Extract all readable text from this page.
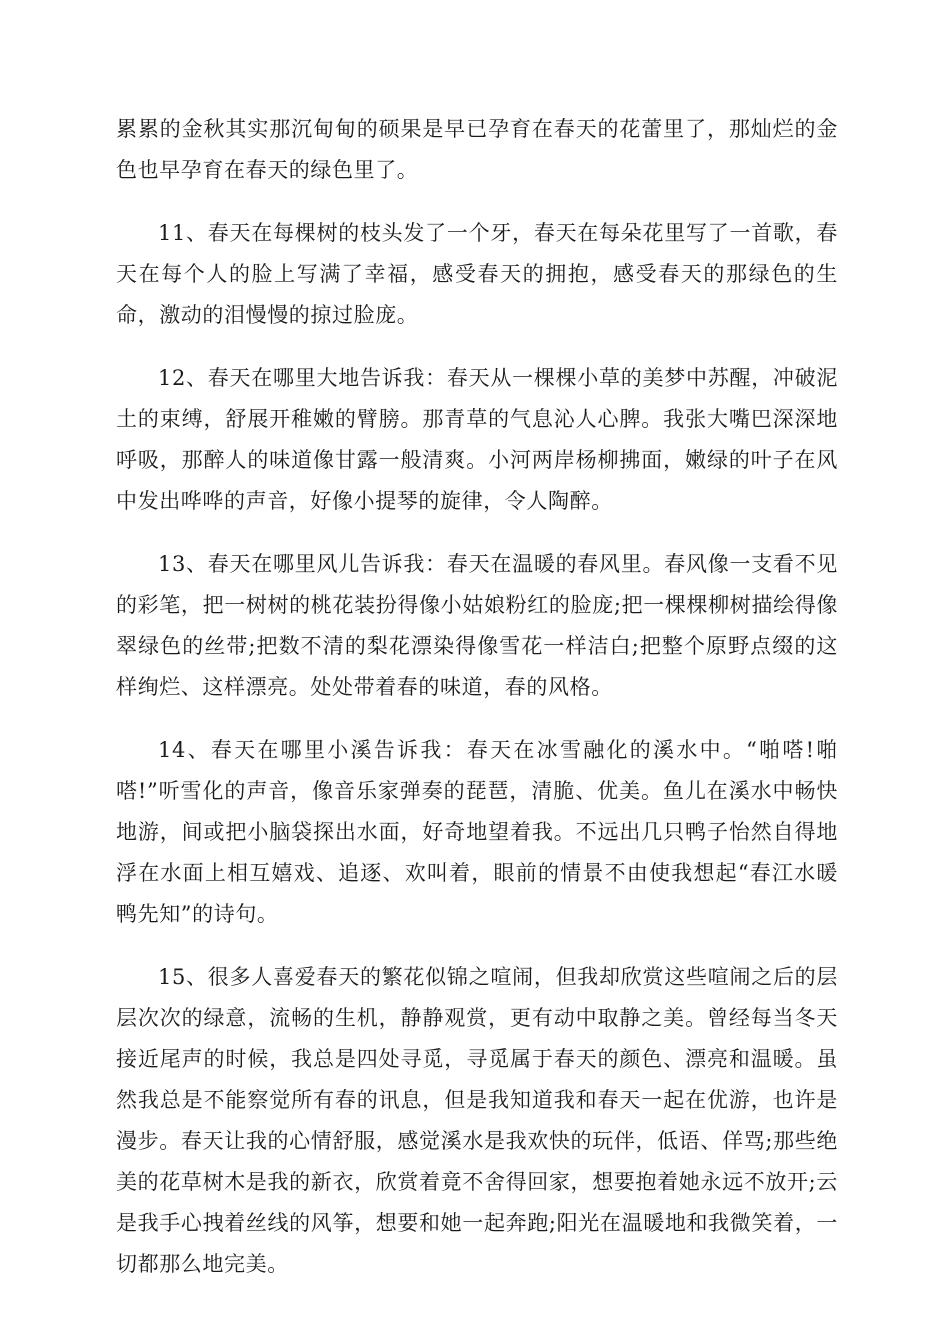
累累的金秋其实那沉甸甸的硕果是早已孕育在春天的花蕾里了，那灿烂的金色也早孕育在春天的绿色里了。

11、春天在每棵树的枝头发了一个牙，春天在每朵花里写了一首歌，春天在每个人的脸上写满了幸福，感受春天的拥抱，感受春天的那绿色的生命，激动的泪慢慢的掠过脸庞。

12、春天在哪里大地告诉我：春天从一棵棵小草的美梦中苏醒，冲破泥土的束缚，舒展开稚嫩的臂膀。那青草的气息沁人心脾。我张大嘴巴深深地呼吸，那醉人的味道像甘露一般清爽。小河两岸杨柳拂面，嫩绿的叶子在风中发出哗哗的声音，好像小提琴的旋律，令人陶醉。

13、春天在哪里风儿告诉我：春天在温暖的春风里。春风像一支看不见的彩笔，把一树树的桃花装扮得像小姑娘粉红的脸庞;把一棵棵柳树描绘得像翠绿色的丝带;把数不清的梨花漂染得像雪花一样洁白;把整个原野点缀的这样绚烂、这样漂亮。处处带着春的味道，春的风格。

14、春天在哪里小溪告诉我：春天在冰雪融化的溪水中。“啪嗒!啪嗒!”听雪化的声音，像音乐家弹奏的琵琶，清脆、优美。鱼儿在溪水中畅快地游，间或把小脑袋探出水面，好奇地望着我。不远出几只鸭子怡然自得地浮在水面上相互嬉戏、追逐、欢叫着，眼前的情景不由使我想起“春江水暖鸭先知”的诗句。

15、很多人喜爱春天的繁花似锦之喧闹，但我却欣赏这些喧闹之后的层层次次的绿意，流畅的生机，静静观赏，更有动中取静之美。曾经每当冬天接近尾声的时候，我总是四处寻觅，寻觅属于春天的颜色、漂亮和温暖。虽然我总是不能察觉所有春的讯息，但是我知道我和春天一起在优游，也许是漫步。春天让我的心情舒服，感觉溪水是我欢快的玩伴，低语、佯骂;那些绝美的花草树木是我的新衣，欣赏着竟不舍得回家，想要抱着她永远不放开;云是我手心拽着丝线的风筝，想要和她一起奔跑;阳光在温暖地和我微笑着，一切都那么地完美。
